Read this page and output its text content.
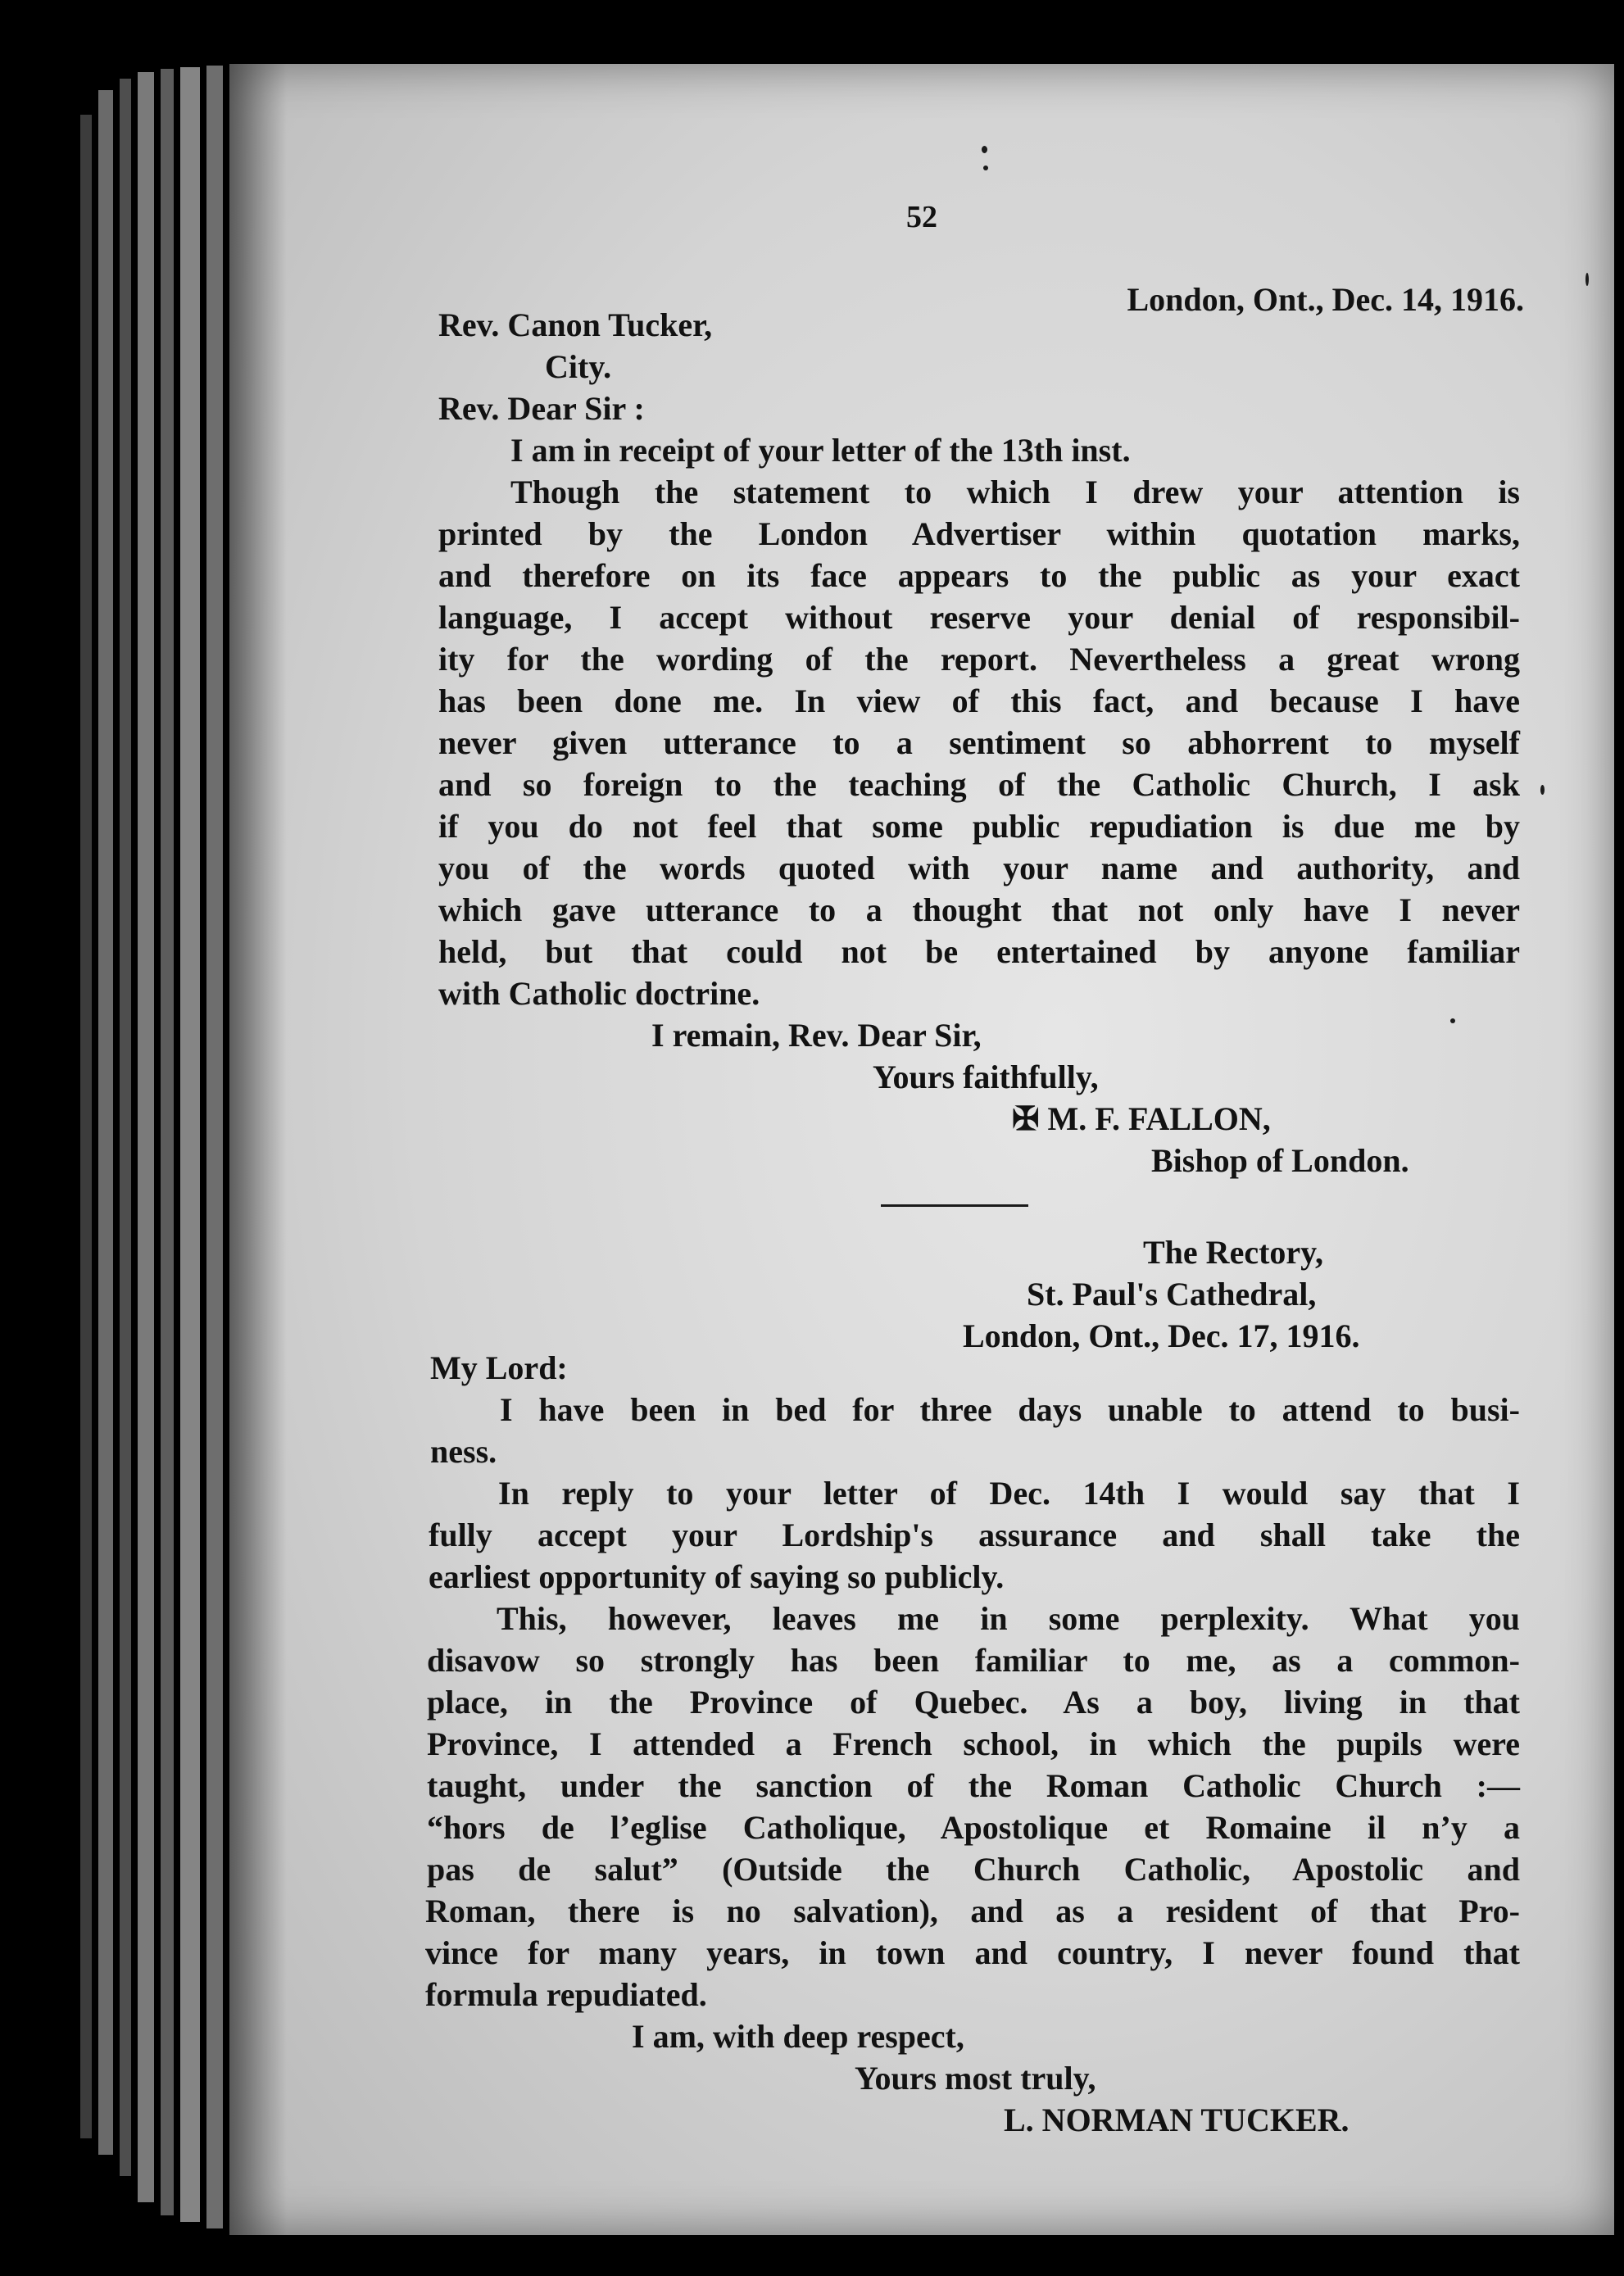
52
London, Ont., Dec. 14, 1916.
Rev. Canon Tucker,
City.
Rev. Dear Sir :
I am in receipt of your letter of the 13th inst.
Though the statement to which I drew your attention is
printed by the London Advertiser within quotation marks,
and therefore on its face appears to the public as your exact
language, I accept without reserve your denial of responsibil-
ity for the wording of the report. Nevertheless a great wrong
has been done me. In view of this fact, and because I have
never given utterance to a sentiment so abhorrent to myself
and so foreign to the teaching of the Catholic Church, I ask
if you do not feel that some public repudiation is due me by
you of the words quoted with your name and authority, and
which gave utterance to a thought that not only have I never
held, but that could not be entertained by anyone familiar
with Catholic doctrine.
I remain, Rev. Dear Sir,
Yours faithfully,
✠ M. F. FALLON,
Bishop of London.
The Rectory,
St. Paul's Cathedral,
London, Ont., Dec. 17, 1916.
My Lord:
I have been in bed for three days unable to attend to busi-
ness.
In reply to your letter of Dec. 14th I would say that I
fully accept your Lordship's assurance and shall take the
earliest opportunity of saying so publicly.
This, however, leaves me in some perplexity. What you
disavow so strongly has been familiar to me, as a common-
place, in the Province of Quebec. As a boy, living in that
Province, I attended a French school, in which the pupils were
taught, under the sanction of the Roman Catholic Church :—
“hors de l’eglise Catholique, Apostolique et Romaine il n’y a
pas de salut” (Outside the Church Catholic, Apostolic and
Roman, there is no salvation), and as a resident of that Pro-
vince for many years, in town and country, I never found that
formula repudiated.
I am, with deep respect,
Yours most truly,
L. NORMAN TUCKER.
